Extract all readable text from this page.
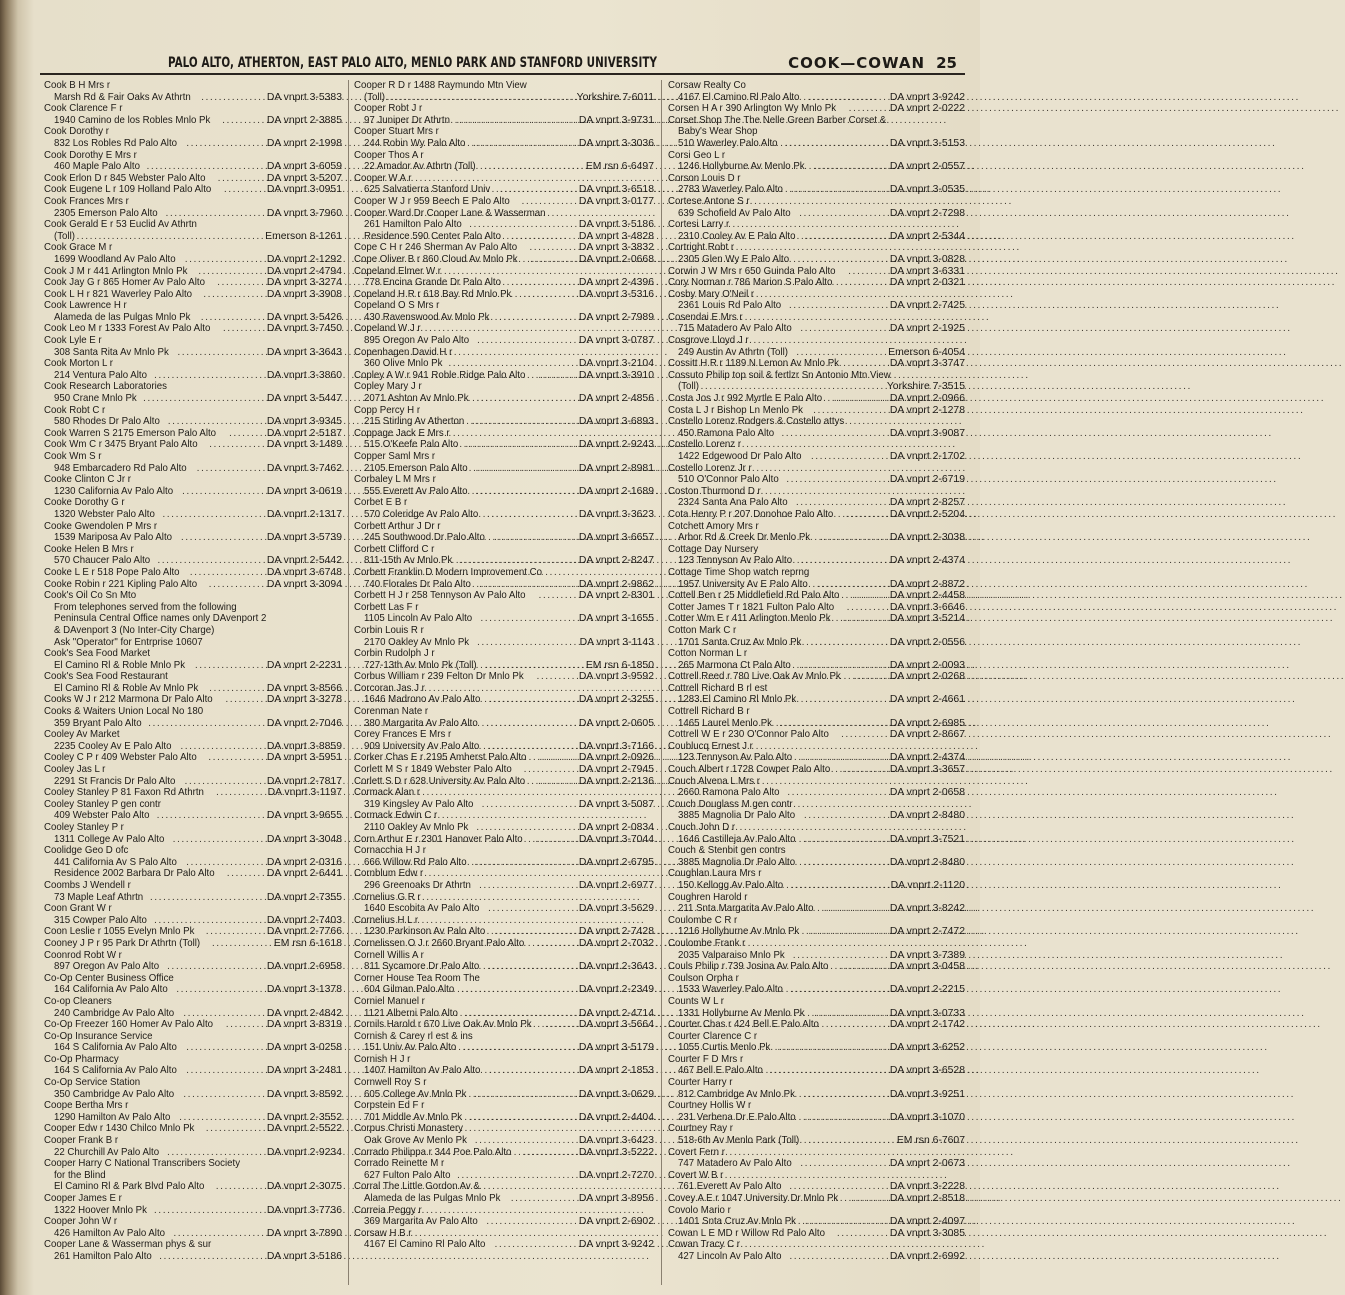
PALO ALTO, ATHERTON, EAST PALO ALTO, MENLO PARK AND STANFORD UNIVERSITY	COOK—COWAN 25
Cook B H Mrs r
Marsh Rd & Fair Oaks Av Athrtn .....	DA vnprt 3-5383
Cook Clarence F r
1940 Camino de los Robles Mnlo Pk .....	DA vnprt 2-3885
Cook Dorothy r
832 Los Robles Rd Palo Alto .....	DA vnprt 2-1998
Cook Dorothy E Mrs r
460 Maple Palo Alto .....	DA vnprt 3-6059
Cook Erlon D r 845 Webster Palo Alto .....	DA vnprt 3-5207
Cook Eugene L r 109 Holland Palo Alto .....	DA vnprt 3-0951
Cook Frances Mrs r
2305 Emerson Palo Alto .....	DA vnprt 3-7960
Cook Gerald E r 53 Euclid Av Athrtn
(Toll) .....	Emerson 8-1261
Cook Grace M r
1699 Woodland Av Palo Alto .....	DA vnprt 2-1292
Cook J M r 441 Arlington Mnlo Pk .....	DA vnprt 2-4794
Cook Jay G r 865 Homer Av Palo Alto .....	DA vnprt 3-3274
Cook L H r 821 Waverley Palo Alto .....	DA vnprt 3-3908
Cook Lawrence H r
Alameda de las Pulgas Mnlo Pk .....	DA vnprt 3-5426
Cook Leo M r 1333 Forest Av Palo Alto .....	DA vnprt 3-7450
Cook Lyle E r
308 Santa Rita Av Mnlo Pk .....	DA vnprt 3-3643
Cook Morton L r
214 Ventura Palo Alto .....	DA vnprt 3-3860
Cook Research Laboratories
950 Crane Mnlo Pk .....	DA vnprt 3-5447
Cook Robt C r
580 Rhodes Dr Palo Alto .....	DA vnprt 3-9345
Cook Warren S 2175 Emerson Palo Alto .....	DA vnprt 2-5187
Cook Wm C r 3475 Bryant Palo Alto .....	DA vnprt 3-1489
Cook Wm S r
948 Embarcadero Rd Palo Alto .....	DA vnprt 3-7462
Cooke Clinton C Jr r
1230 California Av Palo Alto .....	DA vnprt 3-0619
Cooke Dorothy G r
1320 Webster Palo Alto .....	DA vnprt 2-1317
Cooke Gwendolen P Mrs r
1539 Mariposa Av Palo Alto .....	DA vnprt 3-5739
Cooke Helen B Mrs r
570 Chaucer Palo Alto .....	DA vnprt 2-5442
Cooke L E r 518 Pope Palo Alto .....	DA vnprt 3-6748
Cooke Robin r 221 Kipling Palo Alto .....	DA vnprt 3-3094
Cook's Oil Co Sn Mto
From telephones served from the following
Peninsula Central Office names only DAvenport 2
& DAvenport 3 (No Inter-City Charge)
Ask "Operator" for Entrprise 10607
Cook's Sea Food Market
El Camino Rl & Roble Mnlo Pk .....	DA vnprt 2-2231
Cook's Sea Food Restaurant
El Camino Rl & Roble Av Mnlo Pk .....	DA vnprt 3-8566
Cooks W J r 212 Marmona Dr Palo Alto .....	DA vnprt 3-3278
Cooks & Waiters Union Local No 180
359 Bryant Palo Alto .....	DA vnprt 2-7046
Cooley Av Market
2235 Cooley Av E Palo Alto .....	DA vnprt 3-8859
Cooley C P r 409 Webster Palo Alto .....	DA vnprt 3-5951
Cooley Jas L r
2291 St Francis Dr Palo Alto .....	DA vnprt 2-7817
Cooley Stanley P 81 Faxon Rd Athrtn .....	DA vnprt 3-1197
Cooley Stanley P gen contr
409 Webster Palo Alto .....	DA vnprt 3-9655
Cooley Stanley P r
1311 College Av Palo Alto .....	DA vnprt 3-3048
Coolidge Geo D ofc
441 California Av S Palo Alto .....	DA vnprt 2-0316
Residence 2002 Barbara Dr Palo Alto .....	DA vnprt 2-6441
Coombs J Wendell r
73 Maple Leaf Athrtn .....	DA vnprt 2-7355
Coon Grant W r
315 Cowper Palo Alto .....	DA vnprt 2-7403
Coon Leslie r 1055 Evelyn Mnlo Pk .....	DA vnprt 2-7766
Cooney J P r 95 Park Dr Athrtn (Toll) .....	EM rsn 6-1618
Coonrod Robt W r
897 Oregon Av Palo Alto .....	DA vnprt 2-6958
Co-Op Center Business Office
164 California Av Palo Alto .....	DA vnprt 3-1378
Co-op Cleaners
240 Cambridge Av Palo Alto .....	DA vnprt 2-4842
Co-Op Freezer 160 Homer Av Palo Alto .....	DA vnprt 3-8319
Co-Op Insurance Service
164 S California Av Palo Alto .....	DA vnprt 3-0258
Co-Op Pharmacy
164 S California Av Palo Alto .....	DA vnprt 3-2481
Co-Op Service Station
350 Cambridge Av Palo Alto .....	DA vnprt 3-8592
Coope Bertha Mrs r
1290 Hamilton Av Palo Alto .....	DA vnprt 2-3552
Cooper Edw r 1430 Chilco Mnlo Pk .....	DA vnprt 2-5522
Cooper Frank B r
22 Churchill Av Palo Alto .....	DA vnprt 2-9234
Cooper Harry C National Transcribers Society
for the Blind
El Camino Rl & Park Blvd Palo Alto .....	DA vnprt 2-3075
Cooper James E r
1322 Hoover Mnlo Pk .....	DA vnprt 3-7736
Cooper John W r
426 Hamilton Av Palo Alto .....	DA vnprt 3-7890
Cooper Lane & Wasserman phys & sur
261 Hamilton Palo Alto .....	DA vnprt 3-5186
Cooper R D r 1488 Raymundo Mtn View
(Toll) .....	Yorkshire 7-6011
Cooper Robt J r
97 Juniper Dr Athrtn .....	DA vnprt 3-9731
Cooper Stuart Mrs r
244 Robin Wy Palo Alto .....	DA vnprt 3-3036
Cooper Thos A r
22 Amador Av Athrtn (Toll) .....	EM rsn 6-6497
Cooper W A r
625 Salvatierra Stanford Univ .....	DA vnprt 3-6518
Cooper W J r 959 Beech E Palo Alto .....	DA vnprt 3-0177
Cooper Ward Dr Cooper Lane & Wasserman
261 Hamilton Palo Alto .....	DA vnprt 3-5186
Residence 590 Center Palo Alto .....	DA vnprt 3-4828
Cope C H r 246 Sherman Av Palo Alto .....	DA vnprt 3-3832
Cope Oliver B r 860 Cloud Av Mnlo Pk .....	DA vnprt 2-0668
Copeland Elmer W r
778 Encina Grande Dr Palo Alto .....	DA vnprt 2-4396
Copeland H R r 618 Bay Rd Mnlo Pk .....	DA vnprt 3-5316
Copeland O S Mrs r
430 Ravenswood Av Mnlo Pk .....	DA vnprt 2-7989
Copeland W J r
895 Oregon Av Palo Alto .....	DA vnprt 3-0787
Copenhagen David H r
360 Olive Mnlo Pk .....	DA vnprt 3-2104
Copley A W r 941 Roble Ridge Palo Alto .....	DA vnprt 3-3910
Copley Mary J r
2071 Ashton Av Mnlo Pk .....	DA vnprt 2-4856
Copp Percy H r
215 Stirling Av Atherton .....	DA vnprt 3-6893
Coppage Jack E Mrs r
515 O'Keefe Palo Alto .....	DA vnprt 2-9243
Copper Saml Mrs r
2105 Emerson Palo Alto .....	DA vnprt 2-8981
Corbaley L M Mrs r
555 Everett Av Palo Alto .....	DA vnprt 2-1689
Corbet E B r
570 Coleridge Av Palo Alto .....	DA vnprt 3-3623
Corbett Arthur J Dr r
245 Southwood Dr Palo Alto .....	DA vnprt 3-6657
Corbett Clifford C r
811-15th Av Mnlo Pk .....	DA vnprt 2-8247
Corbett Franklin D Modern Improvement Co
740 Florales Dr Palo Alto .....	DA vnprt 2-9862
Corbett H J r 258 Tennyson Av Palo Alto .....	DA vnprt 2-8301
Corbett Las F r
1105 Lincoln Av Palo Alto .....	DA vnprt 3-1655
Corbin Louis R r
2170 Oakley Av Mnlo Pk .....	DA vnprt 3-1143
Corbin Rudolph J r
727-13th Av Mnlo Pk (Toll) .....	EM rsn 6-1850
Corbus William r 239 Felton Dr Mnlo Pk .....	DA vnprt 3-9592
Corcoran Jas J r
1646 Madrono Av Palo Alto .....	DA vnprt 2-3255
Corenman Nate r
380 Margarita Av Palo Alto .....	DA vnprt 2-0605
Corey Frances E Mrs r
909 University Av Palo Alto .....	DA vnprt 3-7166
Corker Chas E r 2195 Amherst Palo Alto .....	DA vnprt 2-0926
Corlett M S r 1849 Webster Palo Alto .....	DA vnprt 2-7945
Corlett S D r 628 University Av Palo Alto .....	DA vnprt 2-2136
Cormack Alan r
319 Kingsley Av Palo Alto .....	DA vnprt 3-5087
Cormack Edwin C r
2110 Oakley Av Mnlo Pk .....	DA vnprt 2-0834
Corn Arthur E r 2301 Hanover Palo Alto .....	DA vnprt 3-7044
Cornacchia H J r
666 Willow Rd Palo Alto .....	DA vnprt 2-6795
Cornblum Edw r
296 Greenoaks Dr Athrtn .....	DA vnprt 2-6977
Cornelius G R r
1640 Escobita Av Palo Alto .....	DA vnprt 3-5629
Cornelius H L r
1230 Parkinson Av Palo Alto .....	DA vnprt 2-7428
Cornelissen O J r 2660 Bryant Palo Alto .....	DA vnprt 2-7032
Cornell Willis A r
811 Sycamore Dr Palo Alto .....	DA vnprt 2-3643
Corner House Tea Room The
604 Gilman Palo Alto .....	DA vnprt 2-2349
Corniel Manuel r
1121 Alberni Palo Alto .....	DA vnprt 2-4714
Cornils Harold r 670 Live Oak Av Mnlo Pk .....	DA vnprt 3-5664
Cornish & Carey rl est & ins
151 Univ Av Palo Alto .....	DA vnprt 3-5179
Cornish H J r
1407 Hamilton Av Palo Alto .....	DA vnprt 2-1853
Cornwell Roy S r
605 College Av Mnlo Pk .....	DA vnprt 3-0629
Corpstein Ed F r
701 Middle Av Mnlo Pk .....	DA vnprt 2-4404
Corpus Christi Monastery
Oak Grove Av Menlo Pk .....	DA vnprt 3-6423
Corrado Philippa r 344 Poe Palo Alto .....	DA vnprt 3-5222
Corrado Reinette M r
627 Fulton Palo Alto .....	DA vnprt 2-7270
Corral The Little Gordon Av &
Alameda de las Pulgas Mnlo Pk .....	DA vnprt 3-8956
Correia Peggy r
369 Margarita Av Palo Alto .....	DA vnprt 2-6902
Corsaw H B r
4167 El Camino Rl Palo Alto .....	DA vnprt 3-9242
Corsaw Realty Co
4167 El Camino Rl Palo Alto .....	DA vnprt 3-9242
Corsen H A r 390 Arlington Wy Mnlo Pk .....	DA vnprt 2-0222
Corset Shop The The Nelle Green Barber Corset &
Baby's Wear Shop
510 Waverley Palo Alto .....	DA vnprt 3-5153
Corsi Geo L r
1246 Hollyburne Av Menlo Pk .....	DA vnprt 2-0557
Corson Louis D r
2783 Waverley Palo Alto .....	DA vnprt 3-0535
Cortese Antone S r
639 Schofield Av Palo Alto .....	DA vnprt 2-7298
Cortesi Larry r
2310 Cooley Av E Palo Alto .....	DA vnprt 2-5344
Cortright Robt r
2305 Glen Wy E Palo Alto .....	DA vnprt 3-0828
Corwin J W Mrs r 650 Guinda Palo Alto .....	DA vnprt 3-6331
Cory Norman r 786 Marion S Palo Alto .....	DA vnprt 2-0321
Cosby Mary O'Neil r
2361 Louis Rd Palo Alto .....	DA vnprt 2-7425
Cosendai E Mrs r
715 Matadero Av Palo Alto .....	DA vnprt 2-1925
Cosgrove Lloyd J r
249 Austin Av Athrtn (Toll) .....	Emerson 6-4054
Cossitt H R r 1189 N Lemon Av Mnlo Pk .....	DA vnprt 3-3747
Cossuto Philip top soil & fertlzr Sn Antonio Mtn View
(Toll) .....	Yorkshire 7-3515
Costa Jos J r 992 Myrtle E Palo Alto .....	DA vnprt 2-0966
Costa L J r Bishop Ln Menlo Pk .....	DA vnprt 2-1278
Costello Lorenz Rodgers & Costello attys
450 Ramona Palo Alto .....	DA vnprt 3-9087
Costello Lorenz r
1422 Edgewood Dr Palo Alto .....	DA vnprt 2-1702
Costello Lorenz Jr r
510 O'Connor Palo Alto .....	DA vnprt 2-6719
Coston Thurmond D r
2324 Santa Ana Palo Alto .....	DA vnprt 2-8257
Cota Henry P r 207 Donohoe Palo Alto .....	DA vnprt 2-5204
Cotchett Amory Mrs r
Arbor Rd & Creek Dr Menlo Pk .....	DA vnprt 2-3038
Cottage Day Nursery
123 Tennyson Av Palo Alto .....	DA vnprt 2-4374
Cottage Time Shop watch reprng
1957 University Av E Palo Alto .....	DA vnprt 2-8872
Cottell Ben r 25 Middlefield Rd Palo Alto .....	DA vnprt 2-4458
Cotter James T r 1821 Fulton Palo Alto .....	DA vnprt 3-6646
Cotter Wm E r 411 Arlington Menlo Pk .....	DA vnprt 3-5214
Cotton Mark C r
1701 Santa Cruz Av Mnlo Pk .....	DA vnprt 2-0556
Cotton Norman L r
265 Marmona Ct Palo Alto .....	DA vnprt 2-0093
Cottrell Reed r 780 Live Oak Av Mnlo Pk .....	DA vnprt 2-0268
Cottrell Richard B rl est
1283 El Camino Rl Mnlo Pk .....	DA vnprt 2-4661
Cottrell Richard B r
1465 Laurel Menlo Pk .....	DA vnprt 2-6985
Cottrell W E r 230 O'Connor Palo Alto .....	DA vnprt 2-8667
Coublucq Ernest J r
123 Tennyson Av Palo Alto .....	DA vnprt 2-4374
Couch Albert r 1728 Cowper Palo Alto .....	DA vnprt 3-3657
Couch Alvena L Mrs r
2660 Ramona Palo Alto .....	DA vnprt 2-0658
Couch Douglass M gen contr
3885 Magnolia Dr Palo Alto .....	DA vnprt 2-8480
Couch John D r
1646 Castilleja Av Palo Alto .....	DA vnprt 3-7521
Couch & Stenbit gen contrs
3885 Magnolia Dr Palo Alto .....	DA vnprt 2-8480
Coughlan Laura Mrs r
150 Kellogg Av Palo Alto .....	DA vnprt 2-1120
Coughren Harold r
211 Snta Margarita Av Palo Alto .....	DA vnprt 3-8242
Coulombe C R r
1216 Hollyburne Av Mnlo Pk .....	DA vnprt 2-7472
Coulombe Frank r
2035 Valparaiso Mnlo Pk .....	DA vnprt 3-7389
Couls Philip r 739 Josina Av Palo Alto .....	DA vnprt 3-0458
Coulson Orpha r
1533 Waverley Palo Alto .....	DA vnprt 2-2215
Counts W L r
1331 Hollyburne Av Menlo Pk .....	DA vnprt 3-0733
Courter Chas r 424 Bell E Palo Alto .....	DA vnprt 2-1742
Courter Clarence C r
1055 Curtis Menlo Pk .....	DA vnprt 3-6252
Courter F D Mrs r
467 Bell E Palo Alto .....	DA vnprt 3-6528
Courter Harry r
812 Cambridge Av Mnlo Pk .....	DA vnprt 3-9251
Courtney Hollis W r
231 Verbena Dr E Palo Alto .....	DA vnprt 3-1070
Courtney Ray r
518-6th Av Menlo Park (Toll) .....	EM rsn 6-7607
Covert Fern r
747 Matadero Av Palo Alto .....	DA vnprt 2-0673
Covert W B r
761 Everett Av Palo Alto .....	DA vnprt 3-2228
Covey A E r 1047 University Dr Mnlo Pk .....	DA vnprt 2-8518
Covolo Mario r
1401 Snta Cruz Av Mnlo Pk .....	DA vnprt 2-4097
Cowan L E MD r Willow Rd Palo Alto .....	DA vnprt 3-3085
Cowan Tracy C r
427 Lincoln Av Palo Alto .....	DA vnprt 2-6992
